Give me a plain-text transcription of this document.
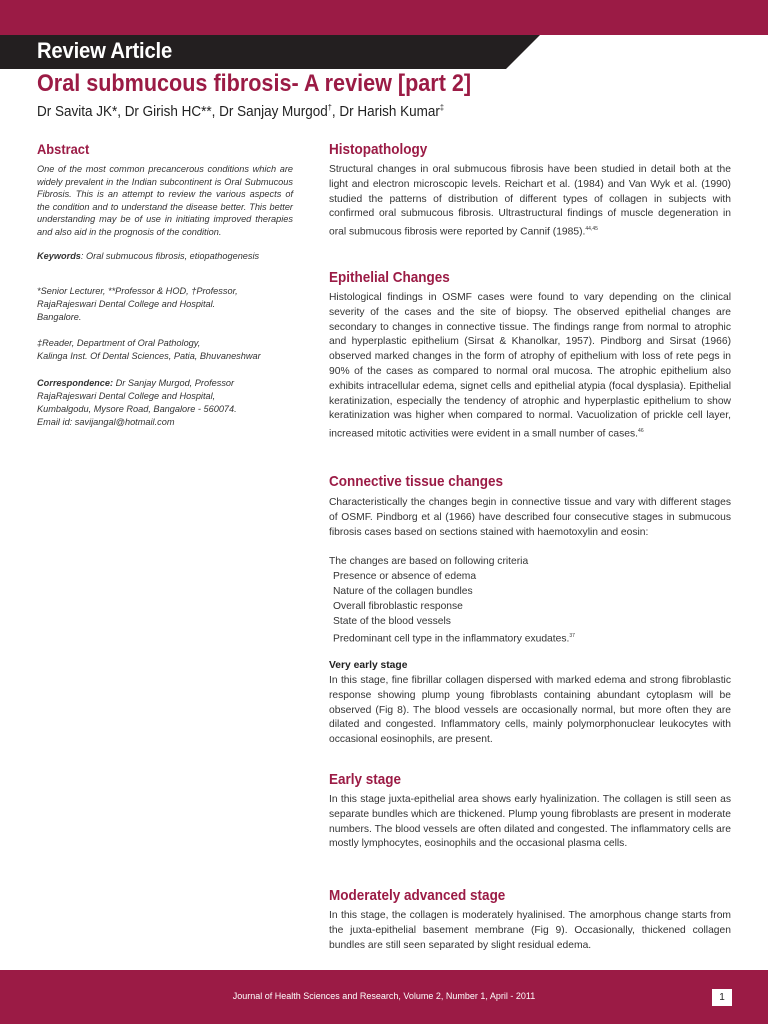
Review Article
Oral submucous fibrosis- A review [part 2]
Dr Savita JK*, Dr Girish HC**, Dr Sanjay Murgod†, Dr Harish Kumar‡
Abstract
One of the most common precancerous conditions which are widely prevalent in the Indian subcontinent is Oral Submucous Fibrosis. This is an attempt to review the various aspects of the condition and to understand the disease better. This better understanding may be of use in initiating improved therapies and also aid in the prognosis of the condition.
Keywords: Oral submucous fibrosis, etiopathogenesis
*Senior Lecturer, **Professor & HOD, †Professor,
RajaRajeswari Dental College and Hospital.
Bangalore.
‡Reader, Department of Oral Pathology,
Kalinga Inst. Of Dental Sciences, Patia, Bhuvaneshwar
Correspondence: Dr Sanjay Murgod, Professor
RajaRajeswari Dental College and Hospital,
Kumbalgodu, Mysore Road, Bangalore - 560074.
Email id: savijangal@hotmail.com
Histopathology
Structural changes in oral submucous fibrosis have been studied in detail both at the light and electron microscopic levels. Reichart et al. (1984) and Van Wyk et al. (1990) studied the patterns of distribution of different types of collagen in subjects with confirmed oral submucous fibrosis. Ultrastructural findings of muscle degeneration in oral submucous fibrosis were reported by Cannif (1985).$^{44,45}$
Epithelial Changes
Histological findings in OSMF cases were found to vary depending on the clinical severity of the cases and the site of biopsy. The observed epithelial changes are secondary to changes in connective tissue. The findings range from normal to atrophic and hyperplastic epithelium (Sirsat & Khanolkar, 1957). Pindborg and Sirsat (1966) observed marked changes in the form of atrophy of epithelium with loss of rete pegs in 90% of the cases as compared to normal oral mucosa. The atrophic epithelium also exhibits intracellular edema, signet cells and epithelial atypia (focal dysplasia). Epithelial keratinization, especially the tendency of atrophic and hyperplastic epithelium to show keratinization was higher when compared to normal. Vacuolization of prickle cell layer, increased mitotic activities were evident in a small number of cases.$^{46}$
Connective tissue changes
Characteristically the changes begin in connective tissue and vary with different stages of OSMF. Pindborg et al (1966) have described four consecutive stages in submucous fibrosis cases based on sections stained with haemotoxylin and eosin:
The changes are based on following criteria
Presence or absence of edema
Nature of the collagen bundles
Overall fibroblastic response
State of the blood vessels
Predominant cell type in the inflammatory exudates.$^{37}$
Very early stage
In this stage, fine fibrillar collagen dispersed with marked edema and strong fibroblastic response showing plump young fibroblasts containing abundant cytoplasm will be observed (Fig 8). The blood vessels are occasionally normal, but more often they are dilated and congested. Inflammatory cells, mainly polymorphonuclear leukocytes with occasional eosinophils, are present.
Early stage
In this stage juxta-epithelial area shows early hyalinization. The collagen is still seen as separate bundles which are thickened. Plump young fibroblasts are present in moderate numbers. The blood vessels are often dilated and congested. The inflammatory cells are mostly lymphocytes, eosinophils and the occasional plasma cells.
Moderately advanced stage
In this stage, the collagen is moderately hyalinised. The amorphous change starts from the juxta-epithelial basement membrane (Fig 9). Occasionally, thickened collagen bundles are still seen separated by slight residual edema.
Journal of Health Sciences and Research, Volume 2, Number 1, April - 2011	1
